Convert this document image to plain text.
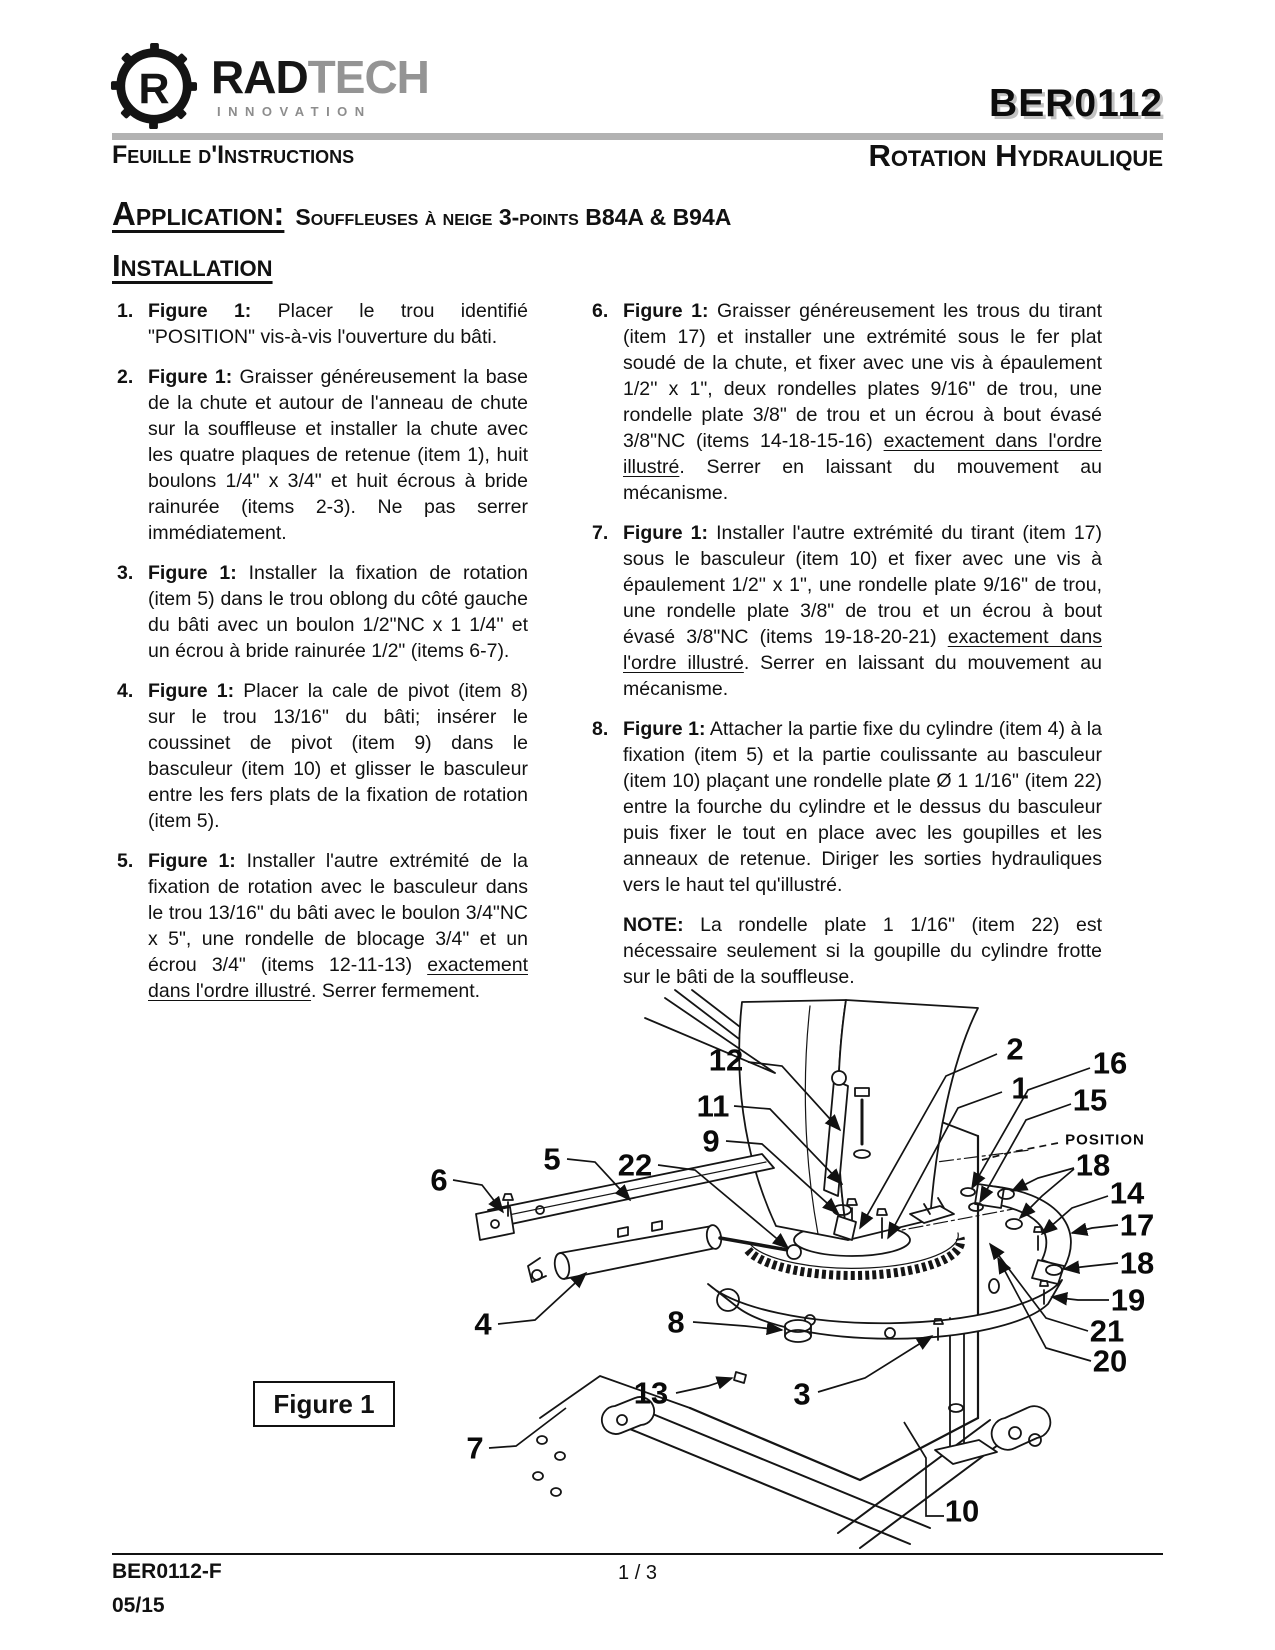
R RADTECH
INNOVATION	BER0112
Feuille d'Instructions	Rotation Hydraulique
Application: Souffleuses à neige 3-points B84A & B94A
Installation
1. Figure 1: Placer le trou identifié "POSITION" vis-à-vis l'ouverture du bâti.

2. Figure 1: Graisser généreusement la base de la chute et autour de l'anneau de chute sur la souffleuse et installer la chute avec les quatre plaques de retenue (item 1), huit boulons 1/4" x 3/4" et huit écrous à bride rainurée (items 2-3). Ne pas serrer immédiatement.

3. Figure 1: Installer la fixation de rotation (item 5) dans le trou oblong du côté gauche du bâti avec un boulon 1/2"NC x 1 1/4'' et un écrou à bride rainurée 1/2" (items 6-7).

4. Figure 1: Placer la cale de pivot (item 8) sur le trou 13/16" du bâti; insérer le coussinet de pivot (item 9) dans le basculeur (item 10) et glisser le basculeur entre les fers plats de la fixation de rotation (item 5).

5. Figure 1: Installer l'autre extrémité de la fixation de rotation avec le basculeur dans le trou 13/16" du bâti avec le boulon 3/4"NC x 5", une rondelle de blocage 3/4" et un écrou 3/4" (items 12-11-13) exactement dans l'ordre illustré. Serrer fermement.

6. Figure 1: Graisser généreusement les trous du tirant (item 17) et installer une extrémité sous le fer plat soudé de la chute, et fixer avec une vis à épaulement 1/2'' x 1", deux rondelles plates 9/16" de trou, une rondelle plate 3/8" de trou et un écrou à bout évasé 3/8"NC (items 14-18-15-16) exactement dans l'ordre illustré. Serrer en laissant du mouvement au mécanisme.

7. Figure 1: Installer l'autre extrémité du tirant (item 17) sous le basculeur (item 10) et fixer avec une vis à épaulement 1/2'' x 1", une rondelle plate 9/16" de trou, une rondelle plate 3/8" de trou et un écrou à bout évasé 3/8"NC (items 19-18-20-21) exactement dans l'ordre illustré. Serrer en laissant du mouvement au mécanisme.

8. Figure 1: Attacher la partie fixe du cylindre (item 4) à la fixation (item 5) et la partie coulissante au basculeur (item 10) plaçant une rondelle plate Ø 1 1/16" (item 22) entre la fourche du cylindre et le dessus du basculeur puis fixer le tout en place avec les goupilles et les anneaux de retenue. Diriger les sorties hydrauliques vers le haut tel qu'illustré.

NOTE: La rondelle plate 1 1/16" (item 22) est nécessaire seulement si la goupille du cylindre frotte sur le bâti de la souffleuse.

12
11
9
5 22
6
4
7
8
13	3
10
2
1
16
15
POSITION
18
14
17
18
19
21
20
Figure 1
BER0112-F	1 / 3
05/15
